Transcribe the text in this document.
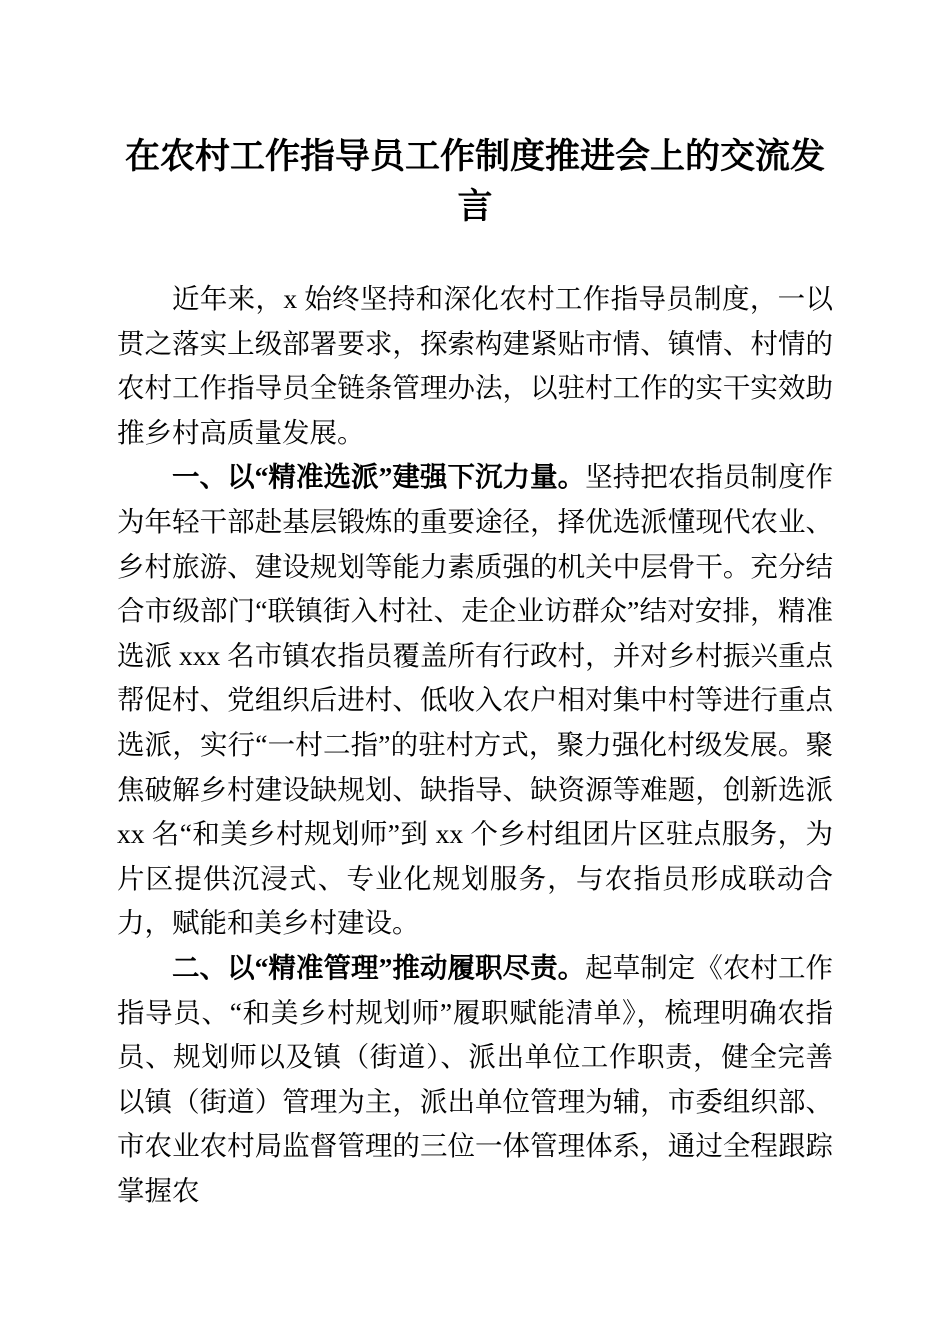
在农村工作指导员工作制度推进会上的交流发言

近年来，x 始终坚持和深化农村工作指导员制度，一以贯之落实上级部署要求，探索构建紧贴市情、镇情、村情的农村工作指导员全链条管理办法，以驻村工作的实干实效助推乡村高质量发展。

一、以“精准选派”建强下沉力量。坚持把农指员制度作为年轻干部赴基层锻炼的重要途径，择优选派懂现代农业、乡村旅游、建设规划等能力素质强的机关中层骨干。充分结合市级部门“联镇街入村社、走企业访群众”结对安排，精准选派 xxx 名市镇农指员覆盖所有行政村，并对乡村振兴重点帮促村、党组织后进村、低收入农户相对集中村等进行重点选派，实行“一村二指”的驻村方式，聚力强化村级发展。聚焦破解乡村建设缺规划、缺指导、缺资源等难题，创新选派 xx 名“和美乡村规划师”到 xx 个乡村组团片区驻点服务，为片区提供沉浸式、专业化规划服务，与农指员形成联动合力，赋能和美乡村建设。

二、以“精准管理”推动履职尽责。起草制定《农村工作指导员、“和美乡村规划师”履职赋能清单》，梳理明确农指员、规划师以及镇（街道）、派出单位工作职责，健全完善以镇（街道）管理为主，派出单位管理为辅，市委组织部、市农业农村局监督管理的三位一体管理体系，通过全程跟踪掌握农
